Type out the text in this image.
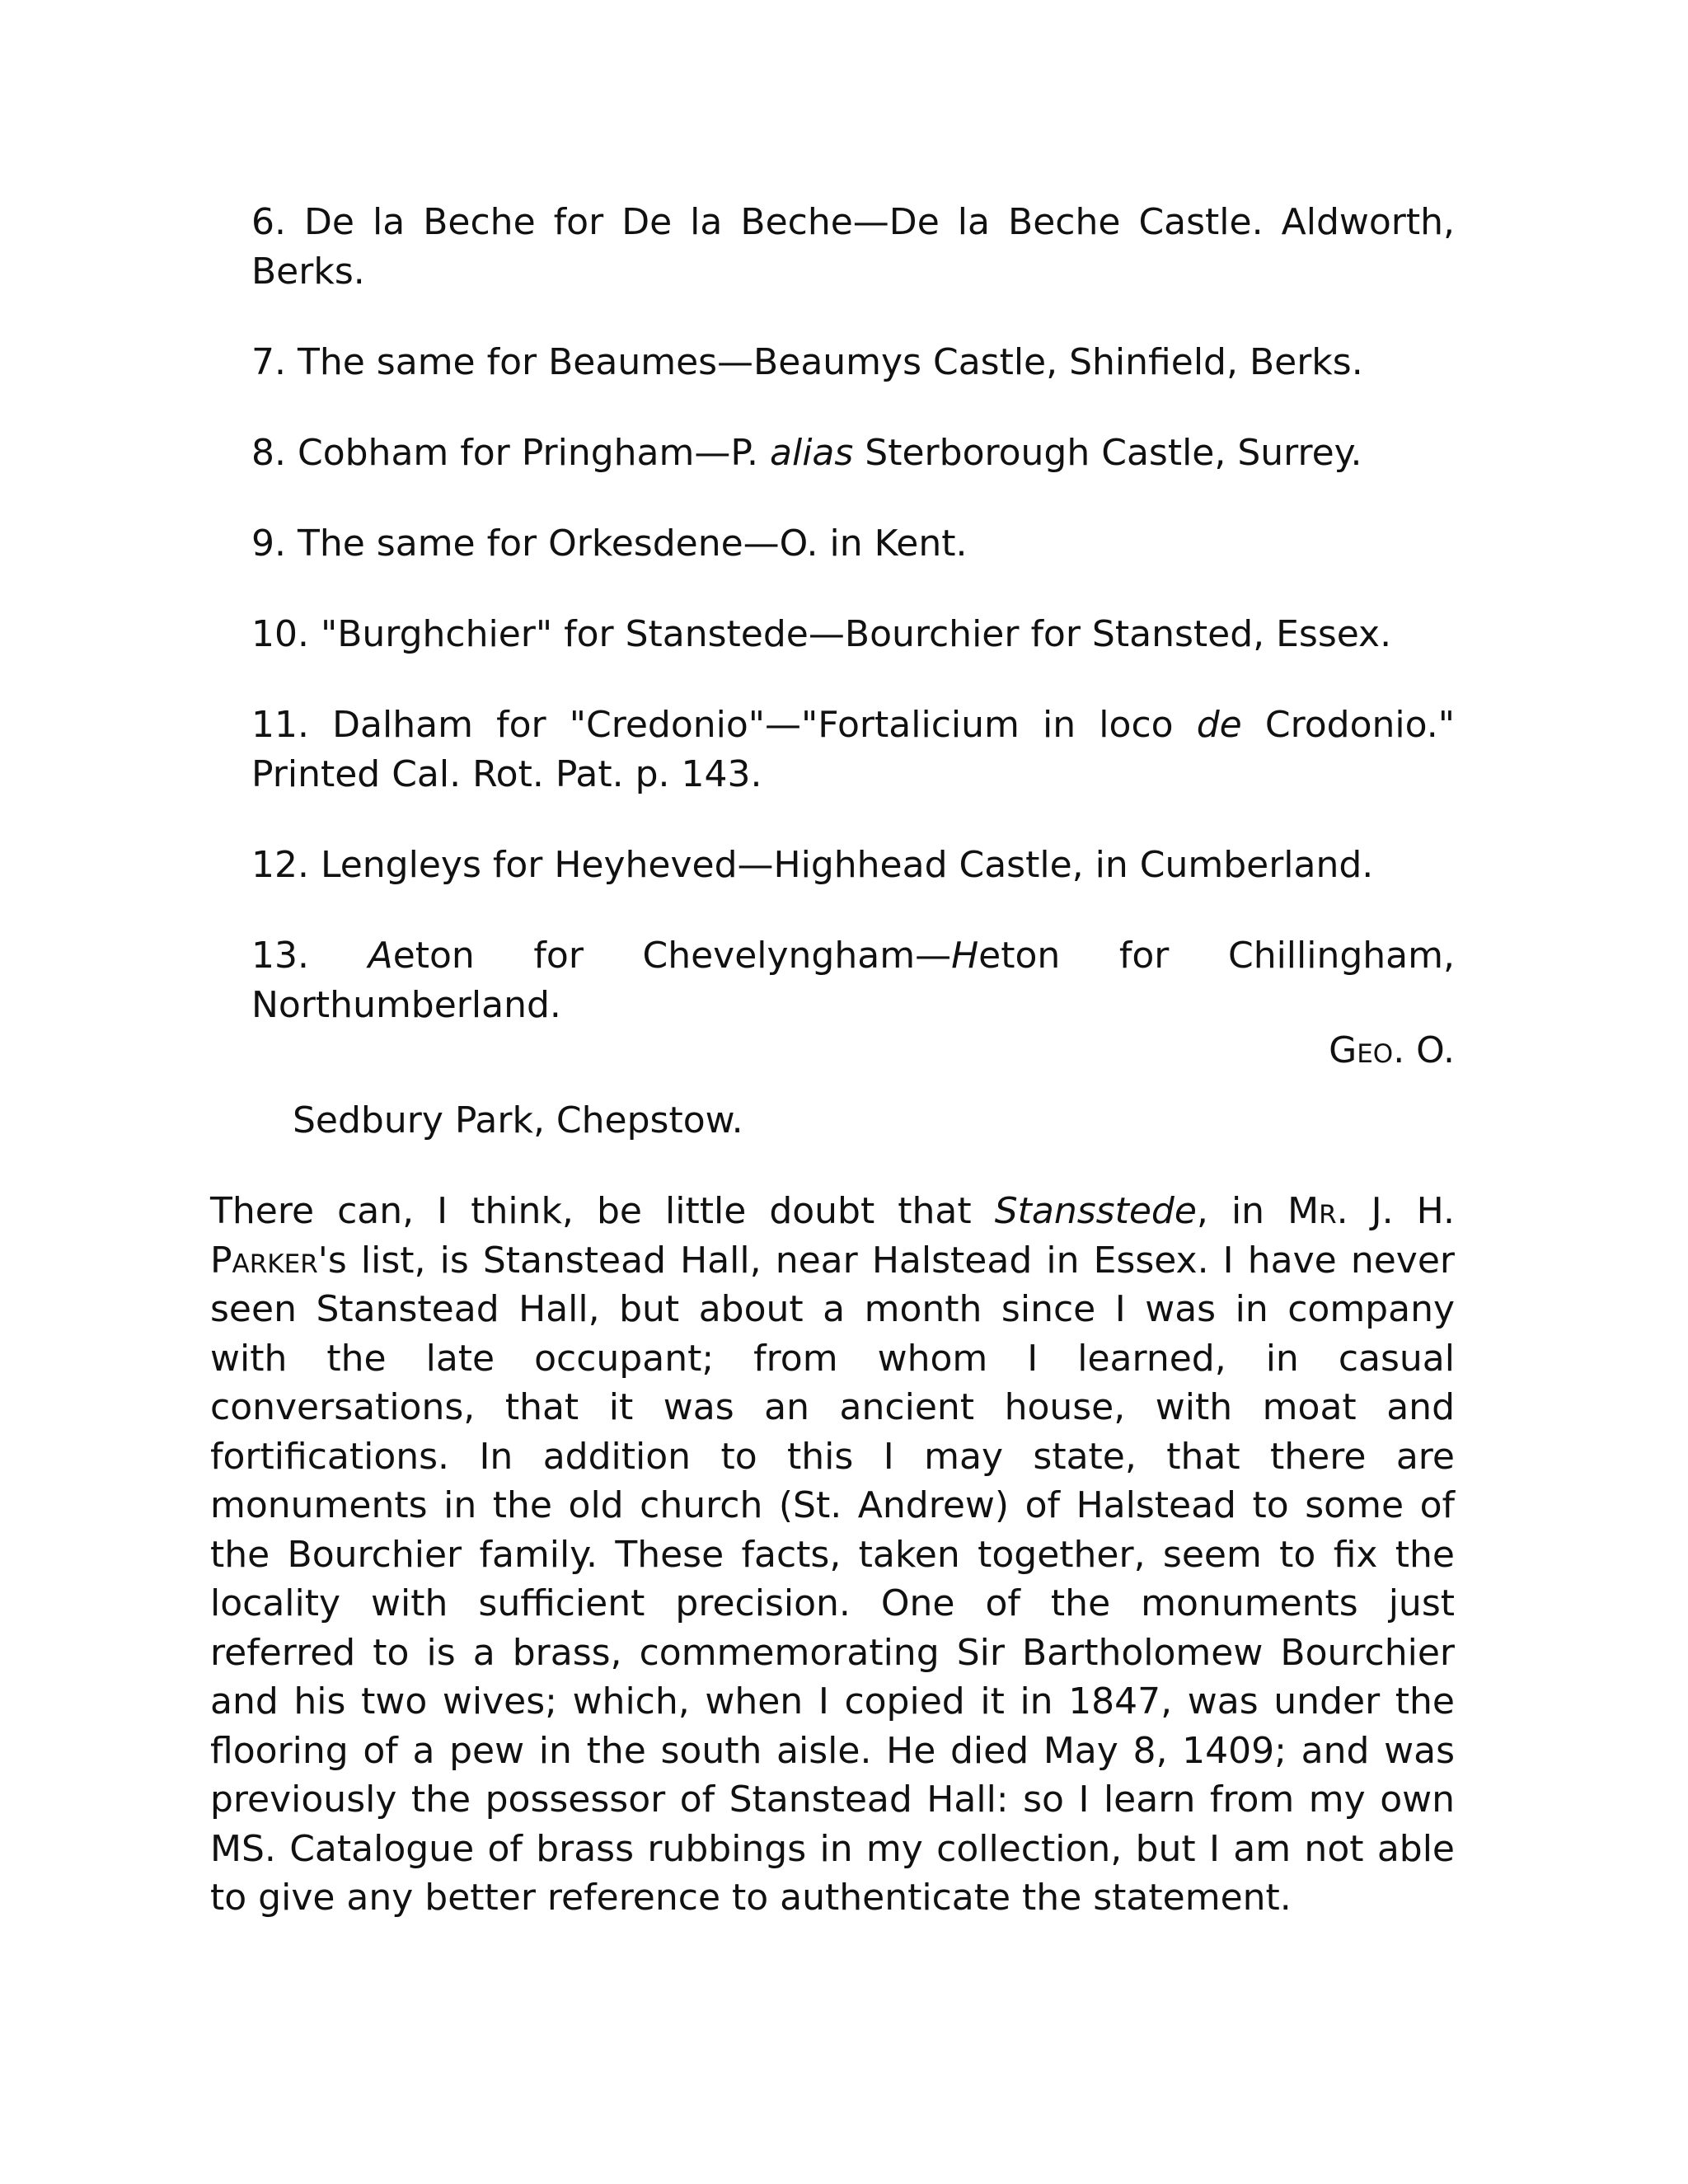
6. De la Beche for De la Beche—De la Beche Castle. Aldworth, Berks.

7. The same for Beaumes—Beaumys Castle, Shinfield, Berks.

8. Cobham for Pringham—P. alias Sterborough Castle, Surrey.

9. The same for Orkesdene—O. in Kent.

10. "Burghchier" for Stanstede—Bourchier for Stansted, Essex.

11. Dalham for "Credonio"—"Fortalicium in loco de Crodonio." Printed Cal. Rot. Pat. p. 143.

12. Lengleys for Heyheved—Highhead Castle, in Cumberland.

13. Aeton for Chevelyngham—Heton for Chillingham, Northumberland.

Geo. O.
Sedbury Park, Chepstow.

There can, I think, be little doubt that Stansstede, in Mr. J. H. Parker's list, is Stanstead Hall, near Halstead in Essex. I have never seen Stanstead Hall, but about a month since I was in company with the late occupant; from whom I learned, in casual conversations, that it was an ancient house, with moat and fortifications. In addition to this I may state, that there are monuments in the old church (St. Andrew) of Halstead to some of the Bourchier family. These facts, taken together, seem to fix the locality with sufficient precision. One of the monuments just referred to is a brass, commemorating Sir Bartholomew Bourchier and his two wives; which, when I copied it in 1847, was under the flooring of a pew in the south aisle. He died May 8, 1409; and was previously the possessor of Stanstead Hall: so I learn from my own MS. Catalogue of brass rubbings in my collection, but I am not able to give any better reference to authenticate the statement.
